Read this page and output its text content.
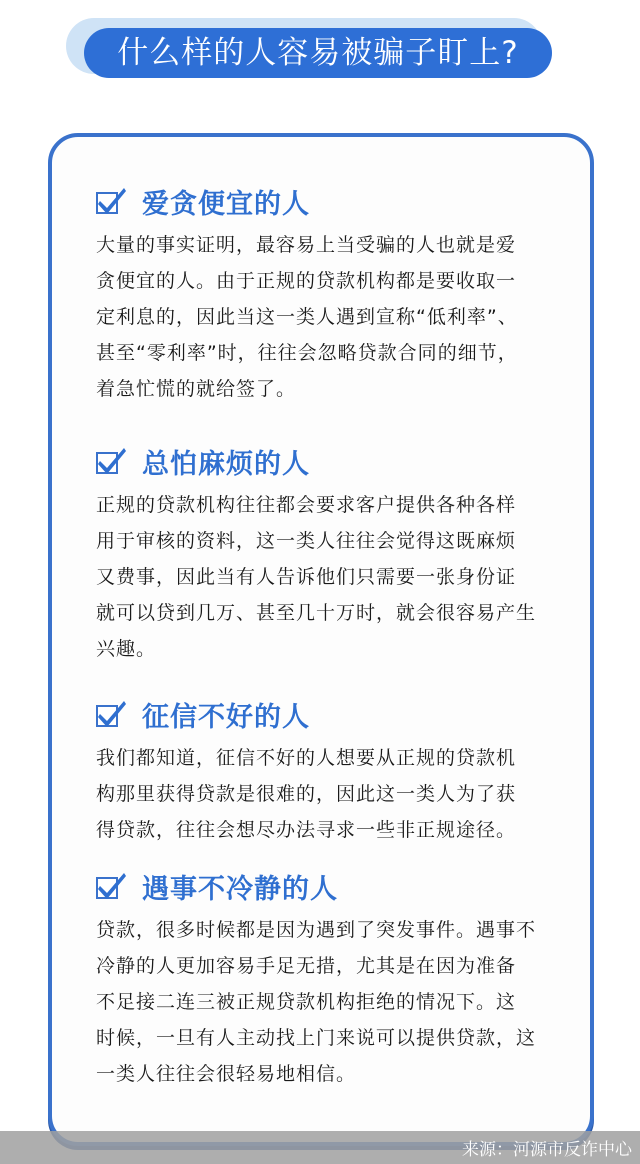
什么样的人容易被骗子盯上?
爱贪便宜的人
大量的事实证明，最容易上当受骗的人也就是爱
贪便宜的人。由于正规的贷款机构都是要收取一
定利息的，因此当这一类人遇到宣称“低利率”、
甚至“零利率”时，往往会忽略贷款合同的细节，
着急忙慌的就给签了。
总怕麻烦的人
正规的贷款机构往往都会要求客户提供各种各样
用于审核的资料，这一类人往往会觉得这既麻烦
又费事，因此当有人告诉他们只需要一张身份证
就可以贷到几万、甚至几十万时，就会很容易产生
兴趣。
征信不好的人
我们都知道，征信不好的人想要从正规的贷款机
构那里获得贷款是很难的，因此这一类人为了获
得贷款，往往会想尽办法寻求一些非正规途径。
遇事不冷静的人
贷款，很多时候都是因为遇到了突发事件。遇事不
冷静的人更加容易手足无措，尤其是在因为准备
不足接二连三被正规贷款机构拒绝的情况下。这
时候，一旦有人主动找上门来说可以提供贷款，这
一类人往往会很轻易地相信。
来源：河源市反诈中心
